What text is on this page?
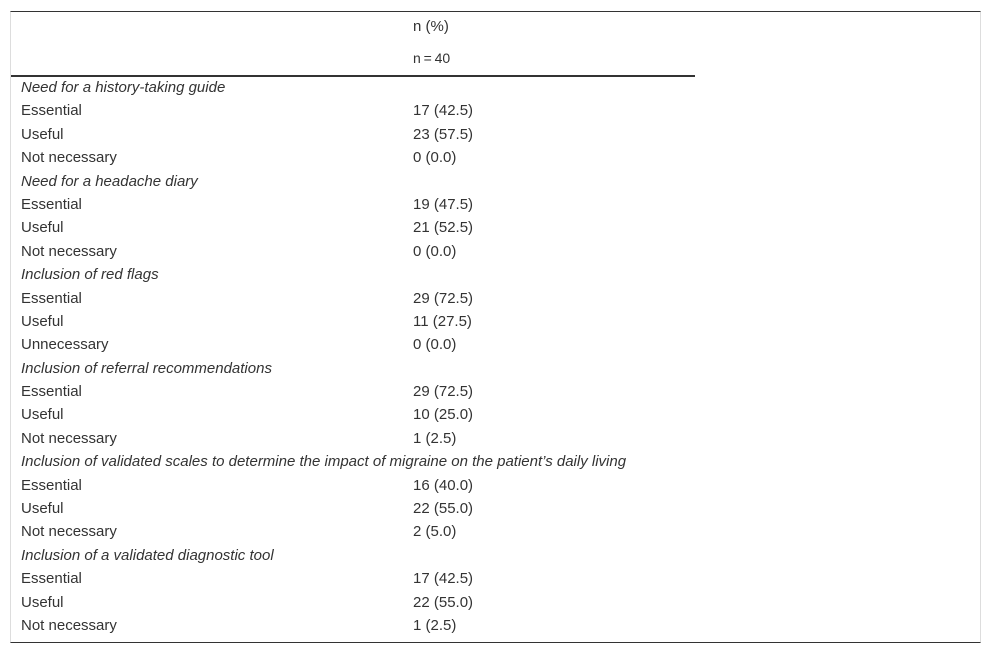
n (%)
n = 40
Need for a history-taking guide
Essential	17 (42.5)
Useful	23 (57.5)
Not necessary	0 (0.0)
Need for a headache diary
Essential	19 (47.5)
Useful	21 (52.5)
Not necessary	0 (0.0)
Inclusion of red flags
Essential	29 (72.5)
Useful	11 (27.5)
Unnecessary	0 (0.0)
Inclusion of referral recommendations
Essential	29 (72.5)
Useful	10 (25.0)
Not necessary	1 (2.5)
Inclusion of validated scales to determine the impact of migraine on the patient’s daily living
Essential	16 (40.0)
Useful	22 (55.0)
Not necessary	2 (5.0)
Inclusion of a validated diagnostic tool
Essential	17 (42.5)
Useful	22 (55.0)
Not necessary	1 (2.5)
